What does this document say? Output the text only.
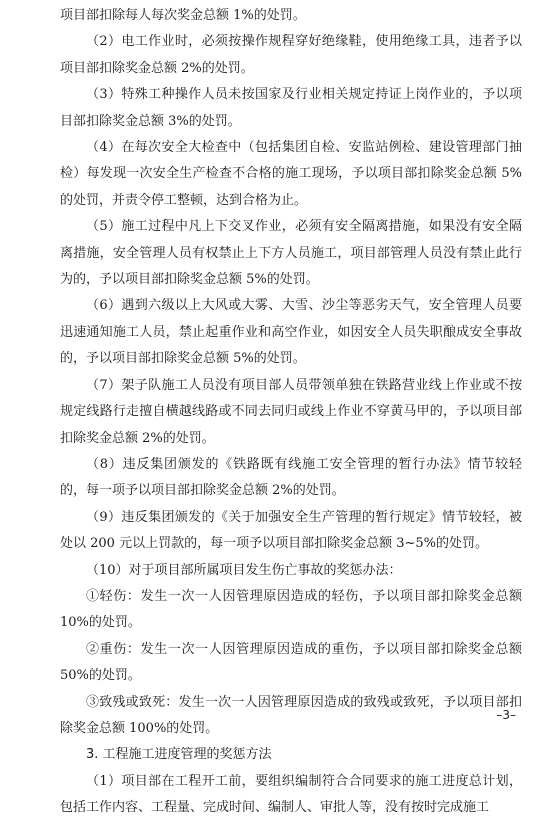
项目部扣除每人每次奖金总额 1%的处罚。

（2）电工作业时，必须按操作规程穿好绝缘鞋，使用绝缘工具，违者予以项目部扣除奖金总额 2%的处罚。

（3）特殊工种操作人员未按国家及行业相关规定持证上岗作业的，予以项目部扣除奖金总额 3%的处罚。

（4）在每次安全大检查中（包括集团自检、安监站例检、建设管理部门抽检）每发现一次安全生产检查不合格的施工现场，予以项目部扣除奖金总额 5%的处罚，并责令停工整顿，达到合格为止。

（5）施工过程中凡上下交叉作业，必须有安全隔离措施，如果没有安全隔离措施，安全管理人员有权禁止上下方人员施工，项目部管理人员没有禁止此行为的，予以项目部扣除奖金总额 5%的处罚。

（6）遇到六级以上大风或大雾、大雪、沙尘等恶劣天气，安全管理人员要迅速通知施工人员，禁止起重作业和高空作业，如因安全人员失职酿成安全事故的，予以项目部扣除奖金总额 5%的处罚。

（7）架子队施工人员没有项目部人员带领单独在铁路营业线上作业或不按规定线路行走擅自横越线路或不同去同归或线上作业不穿黄马甲的，予以项目部扣除奖金总额 2%的处罚。

（8）违反集团颁发的《铁路既有线施工安全管理的暂行办法》情节较轻的，每一项予以项目部扣除奖金总额 2%的处罚。

（9）违反集团颁发的《关于加强安全生产管理的暂行规定》情节较轻，被处以 200 元以上罚款的，每一项予以项目部扣除奖金总额 3~5%的处罚。

（10）对于项目部所属项目发生伤亡事故的奖惩办法：

①轻伤：发生一次一人因管理原因造成的轻伤，予以项目部扣除奖金总额 10%的处罚。

②重伤：发生一次一人因管理原因造成的重伤，予以项目部扣除奖金总额 50%的处罚。

③致残或致死：发生一次一人因管理原因造成的致残或致死，予以项目部扣除奖金总额 100%的处罚。

3. 工程施工进度管理的奖惩方法

（1）项目部在工程开工前，要组织编制符合合同要求的施工进度总计划，包括工作内容、工程量、完成时间、编制人、审批人等，没有按时完成施工

–3–
